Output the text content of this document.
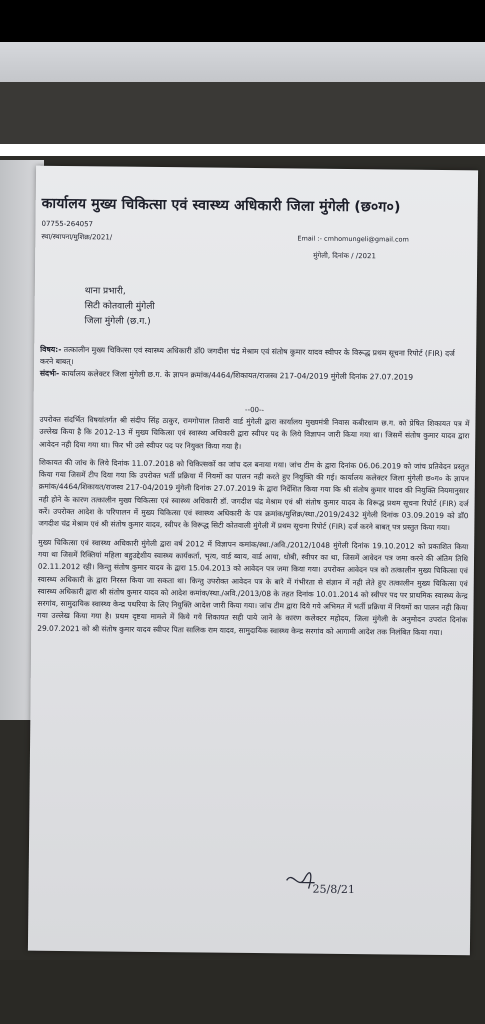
कार्यालय मुख्य चिकित्सा एवं स्वास्थ्य अधिकारी जिला मुंगेली (छ०ग०)
07755-264057
स्था/स्थापना/मुशिक्र/2021/	Email :- cmhomungeli@gmail.com
मुंगेली, दिनांक / /2021
थाना प्रभारी,
सिटी कोतवाली मुंगेली
जिला मुंगेली (छ.ग.)
विषय:- तत्कालीन मुख्य चिकित्सा एवं स्वास्थ्य अधिकारी डॉ0 जगदीश चंद्र मेश्राम एवं संतोष कुमार यादव स्वीपर के विरूद्ध प्रथम सूचना रिपोर्ट (FIR) दर्ज करने बाबत्।
संदर्भः- कार्यालय कलेक्टर जिला मुंगेली छ.ग. के ज्ञापन क्रमांक/4464/शिकायत/राजस्व 217-04/2019 मुंगेली दिनांक 27.07.2019
--00--

उपरोक्त संदर्भित विषयांतर्गत श्री संदीप सिंह ठाकुर, रामगोपाल तिवारी वार्ड मुंगेली द्वारा कार्यालय मुख्यमंत्री निवास कबीरधाम छ.ग. को प्रेषित शिकायत पत्र में उल्लेख किया है कि 2012-13 में मुख्य चिकित्सा एवं स्वास्थ्य अधिकारी द्वारा स्वीपर पद के लिये विज्ञापन जारी किया गया था। जिसमें संतोष कुमार यादव द्वारा आवेदन नही दिया गया था। फिर भी उसे स्वीपर पद पर नियुक्त किया गया है।

शिकायत की जांच के लिये दिनांक 11.07.2018 को चिकित्सकों का जांच दल बनाया गया। जांच टीम के द्वारा दिनांक 06.06.2019 को जांच प्रतिवेदन प्रस्तुत किया गया जिसमें टीप दिया गया कि उपरोक्त भर्ती प्रक्रिया में नियमों का पालन नही करते हुए नियुक्ति की गई। कार्यालय कलेक्टर जिला मुंगेली छ०ग० के ज्ञापन क्रमांक/4464/शिकायत/राजस्व 217-04/2019 मुंगेली दिनांक 27.07.2019 के द्वारा निर्देशित किया गया कि श्री संतोष कुमार यादव की नियुक्ति नियमानुसार नही होने के कारण तत्कालीन मुख्य चिकित्सा एवं स्वास्थ्य अधिकारी डॉ. जगदीश चंद्र मेश्राम एवं श्री संतोष कुमार यादव के विरूद्ध प्रथम सूचना रिपोर्ट (FIR) दर्ज करें। उपरोक्त आदेश के परिपालन में मुख्य चिकित्सा एवं स्वास्थ्य अधिकारी के पत्र क्रमांक/मुशिक्र/स्था./2019/2432 मुंगेली दिनांक 03.09.2019 को डॉ0 जगदीश चंद्र मेश्राम एवं श्री संतोष कुमार यादव, स्वीपर के विरूद्ध सिटी कोतवाली मुंगेली में प्रथम सूचना रिपोर्ट (FIR) दर्ज करने बाबत् पत्र प्रस्तुत किया गया।

मुख्य चिकित्सा एवं स्वास्थ्य अधिकारी मुंगेली द्वारा वर्ष 2012 में विज्ञापन कमांक/स्था./अवि./2012/1048 मुंगेली दिनांक 19.10.2012 को प्रकाशित किया गया था जिसमें रिक्तियां महिला बहुउद्देशीय स्वास्थ्य कार्यकर्ता, भृत्य, वार्ड ब्वाय, वार्ड आया, धोबी, स्वीपर का था, जिसमें आवेदन पत्र जमा करने की अंतिम तिथि 02.11.2012 रही। किन्तु संतोष कुमार यादव के द्वारा 15.04.2013 को आवेदन पत्र जमा किया गया। उपरोक्त आवेदन पत्र को तत्कालीन मुख्य चिकित्सा एवं स्वास्थ्य अधिकारी के द्वारा निरस्त किया जा सकता था। किन्तु उपरोक्त आवेदन पत्र के बारे में गंभीरता से संज्ञान में नही लेते हुए तत्कालीन मुख्य चिकित्सा एवं स्वास्थ्य अधिकारी द्वारा श्री संतोष कुमार यादव को आदेश कमांक/स्था./अवि./2013/08 के तहत दिनांक 10.01.2014 को स्वीपर पद पर प्राथमिक स्वास्थ्य केन्द्र सरगांव, सामुदायिक स्वास्थ्य केन्द्र पथरिया के लिए नियुक्ति आदेश जारी किया गया। जांच टीम द्वारा दिये गये अभिमत में भर्ती प्रक्रिया में नियमों का पालन नही किया गया उल्लेख किया गया है। प्रथम दृष्टया मामले में किये गये शिकायत सही पाये जाने के कारण कलेक्टर महोदय, जिला मुंगेली के अनुमोदन उपरांत दिनांक 29.07.2021 को श्री संतोष कुमार यादव स्वीपर पिता सालिक राम यादव, सामुदायिक स्वास्थ्य केन्द्र सरगांव को आगामी आदेश तक निलंबित किया गया।

25/8/21
